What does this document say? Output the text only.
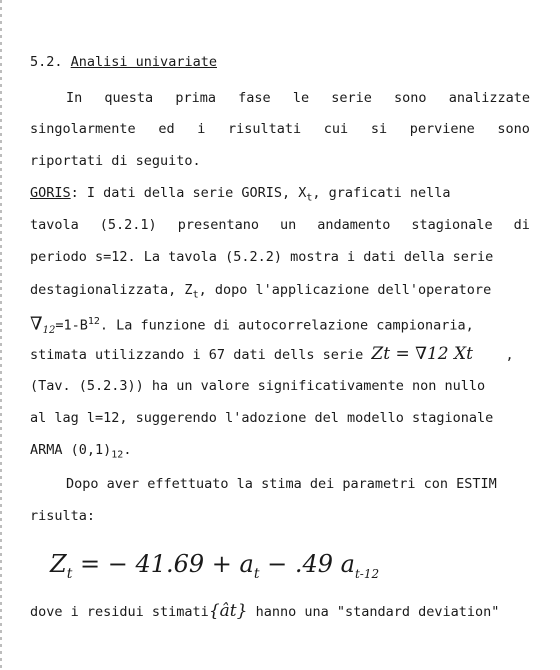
5.2. Analisi univariate
In questa prima fase le serie sono analizzate
singolarmente ed i risultati cui si perviene sono
riportati di seguito.
GORIS: I dati della serie GORIS, $X_t$, graficati nella
tavola (5.2.1) presentano un andamento stagionale di
periodo s=12. La tavola (5.2.2) mostra i dati della serie
destagionalizzata, $Z_t$, dopo l'applicazione dell'operatore
$\nabla_{12}=1-B^{12}$. La funzione di autocorrelazione campionaria,
stimata utilizzando i 67 dati dells serie Zt = ∇12 Xt ,
(Tav. (5.2.3)) ha un valore significativamente non nullo
al lag l=12, suggerendo l'adozione del modello stagionale
ARMA $(0,1)_{12}$.
Dopo aver effettuato la stima dei parametri con ESTIM
risulta:
$Z_t$ = − $41.69 + a_t - .49$ $a_{t-12}$
dove i residui stimati{ât} hanno una "standard deviation"
